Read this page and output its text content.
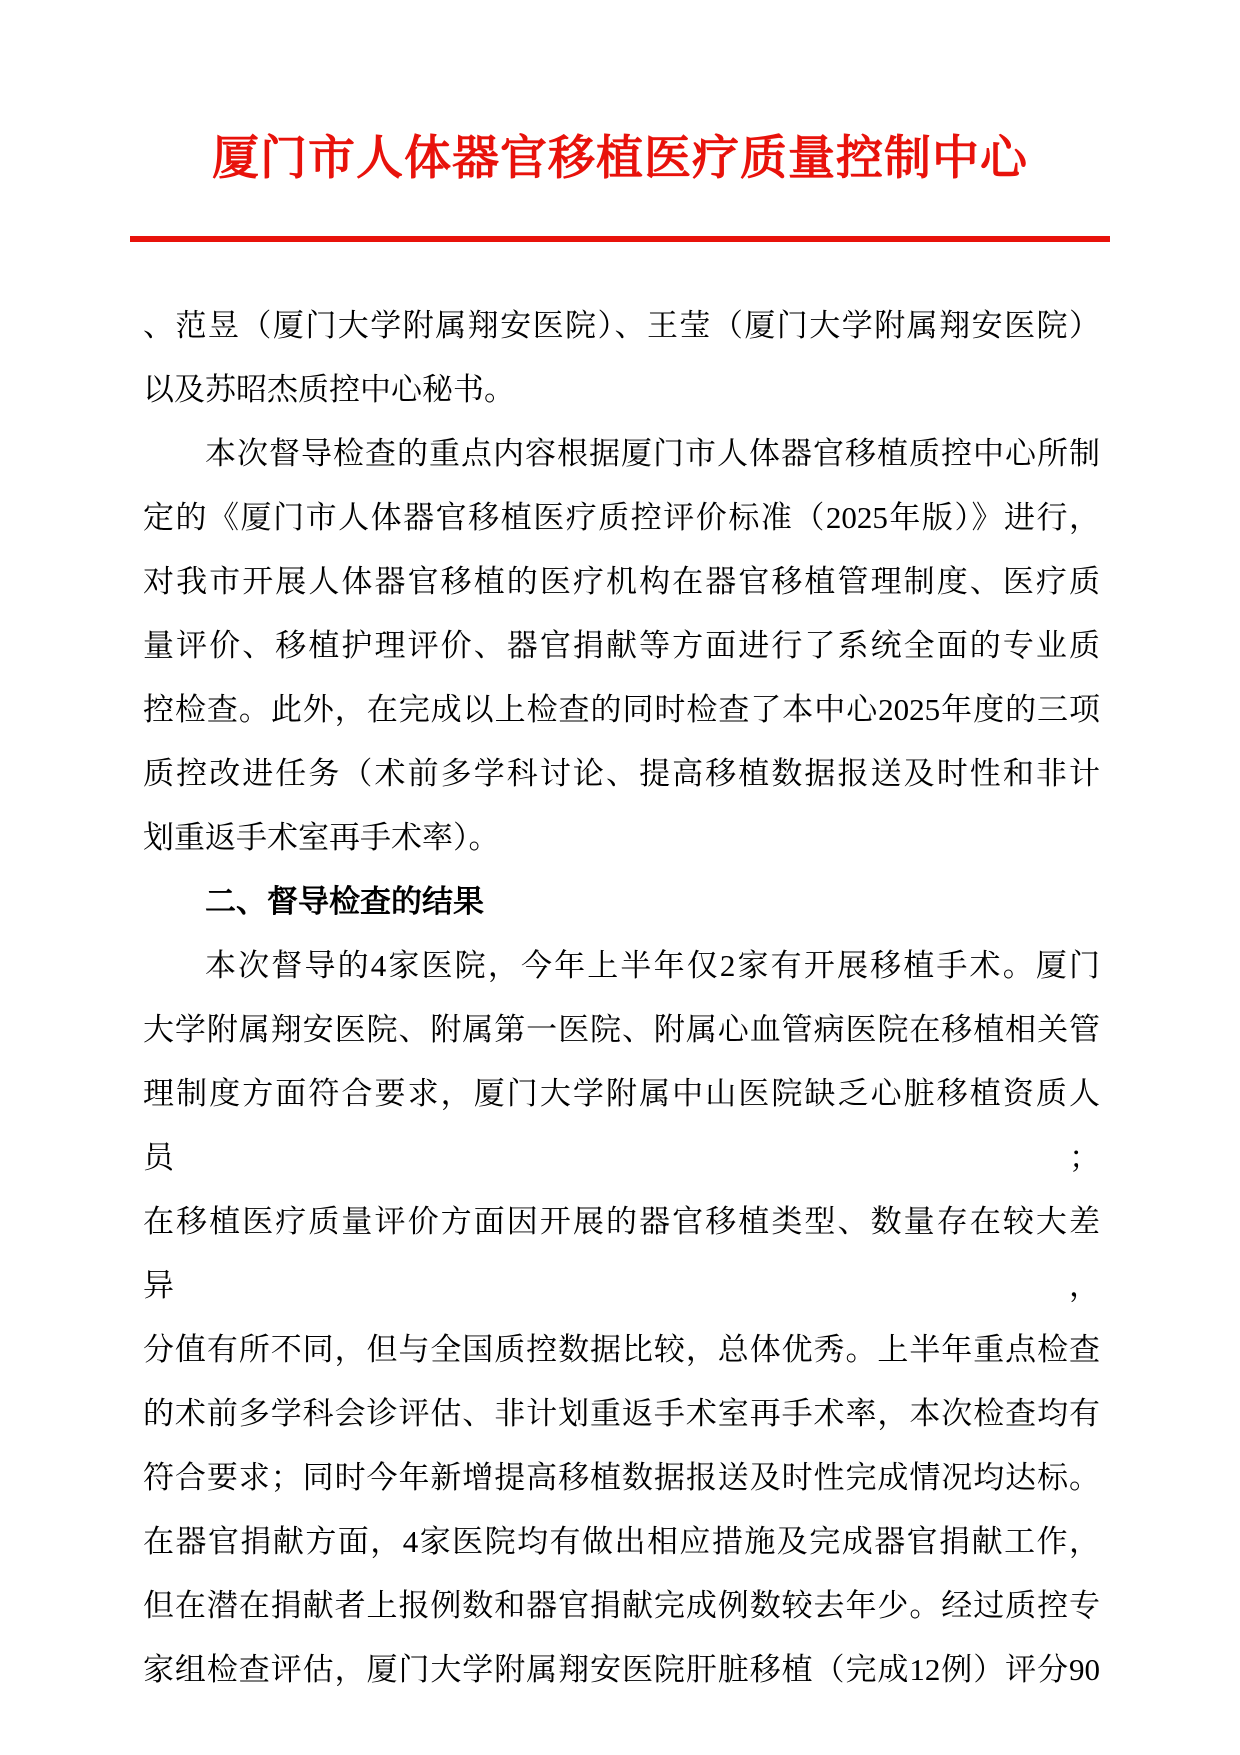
厦门市人体器官移植医疗质量控制中心

、范昱（厦门大学附属翔安医院）、王莹（厦门大学附属翔安医院）

以及苏昭杰质控中心秘书。

本次督导检查的重点内容根据厦门市人体器官移植质控中心所制

定的《厦门市人体器官移植医疗质控评价标准（2025年版）》进行，

对我市开展人体器官移植的医疗机构在器官移植管理制度、医疗质

量评价、移植护理评价、器官捐献等方面进行了系统全面的专业质

控检查。此外，在完成以上检查的同时检查了本中心2025年度的三项

质控改进任务（术前多学科讨论、提高移植数据报送及时性和非计

划重返手术室再手术率）。

二、督导检查的结果

本次督导的4家医院，今年上半年仅2家有开展移植手术。厦门

大学附属翔安医院、附属第一医院、附属心血管病医院在移植相关管

理制度方面符合要求，厦门大学附属中山医院缺乏心脏移植资质人员；

在移植医疗质量评价方面因开展的器官移植类型、数量存在较大差异，

分值有所不同，但与全国质控数据比较，总体优秀。上半年重点检查

的术前多学科会诊评估、非计划重返手术室再手术率，本次检查均有

符合要求；同时今年新增提高移植数据报送及时性完成情况均达标。

在器官捐献方面，4家医院均有做出相应措施及完成器官捐献工作，

但在潜在捐献者上报例数和器官捐献完成例数较去年少。经过质控专

家组检查评估，厦门大学附属翔安医院肝脏移植（完成12例）评分90
